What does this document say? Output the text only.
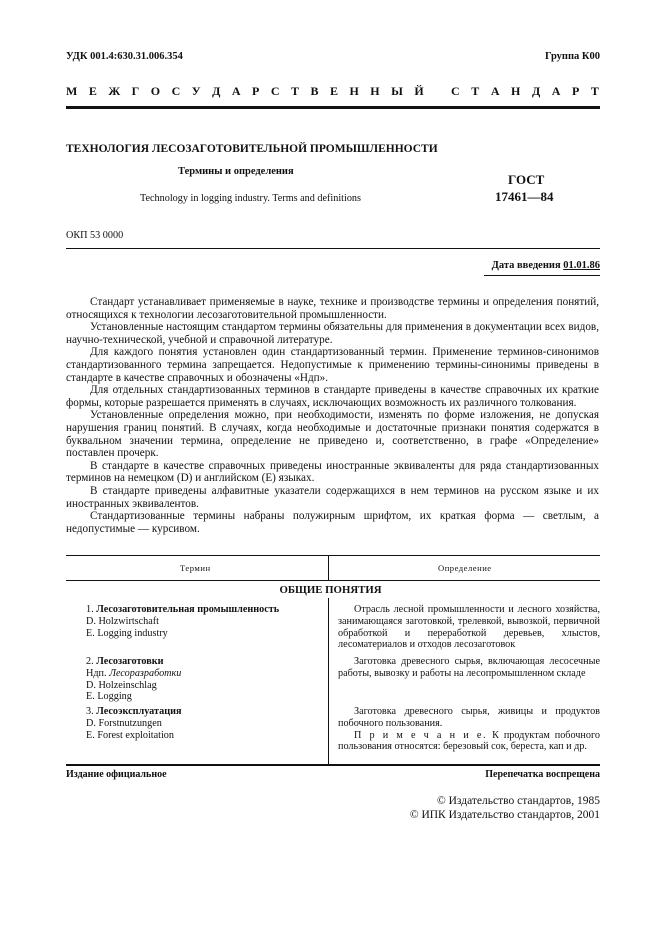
УДК 001.4:630.31.006.354	Группа К00
М Е Ж Г О С У Д А Р С Т В Е Н Н Ы Й С Т А Н Д А Р Т
ТЕХНОЛОГИЯ ЛЕСОЗАГОТОВИТЕЛЬНОЙ ПРОМЫШЛЕННОСТИ
Термины и определения
Technology in logging industry. Terms and definitions
ГОСТ
17461—84
ОКП 53 0000
Дата введения 01.01.86
Стандарт устанавливает применяемые в науке, технике и производстве термины и определения понятий, относящихся к технологии лесозаготовительной промышленности.
Установленные настоящим стандартом термины обязательны для применения в документации всех видов, научно-технической, учебной и справочной литературе.
Для каждого понятия установлен один стандартизованный термин. Применение терминов-синонимов стандартизованного термина запрещается. Недопустимые к применению термины-синонимы приведены в стандарте в качестве справочных и обозначены «Ндп».
Для отдельных стандартизованных терминов в стандарте приведены в качестве справочных их краткие формы, которые разрешается применять в случаях, исключающих возможность их различного толкования.
Установленные определения можно, при необходимости, изменять по форме изложения, не допуская нарушения границ понятий. В случаях, когда необходимые и достаточные признаки понятия содержатся в буквальном значении термина, определение не приведено и, соответственно, в графе «Определение» поставлен прочерк.
В стандарте в качестве справочных приведены иностранные эквиваленты для ряда стандартизованных терминов на немецком (D) и английском (E) языках.
В стандарте приведены алфавитные указатели содержащихся в нем терминов на русском языке и их иностранных эквивалентов.
Стандартизованные термины набраны полужирным шрифтом, их краткая форма — светлым, а недопустимые — курсивом.
Термин	Определение
ОБЩИЕ ПОНЯТИЯ
1. Лесозаготовительная промышленность
D. Holzwirtschaft
E. Logging industry
Отрасль лесной промышленности и лесного хозяйства, занимающаяся заготовкой, трелевкой, вывозкой, первичной обработкой и переработкой деревьев, хлыстов, лесоматериалов и отходов лесозаготовок
2. Лесозаготовки
Ндп. Лесоразработки
D. Holzeinschlag
E. Logging
Заготовка древесного сырья, включающая лесосечные работы, вывозку и работы на лесопромышленном складе
3. Лесоэксплуатация
D. Forstnutzungen
E. Forest exploitation
Заготовка древесного сырья, живицы и продуктов побочного пользования.
П р и м е ч а н и е. К продуктам побочного пользования относятся: березовый сок, береста, кап и др.
Издание официальное	Перепечатка воспрещена
© Издательство стандартов, 1985
© ИПК Издательство стандартов, 2001
